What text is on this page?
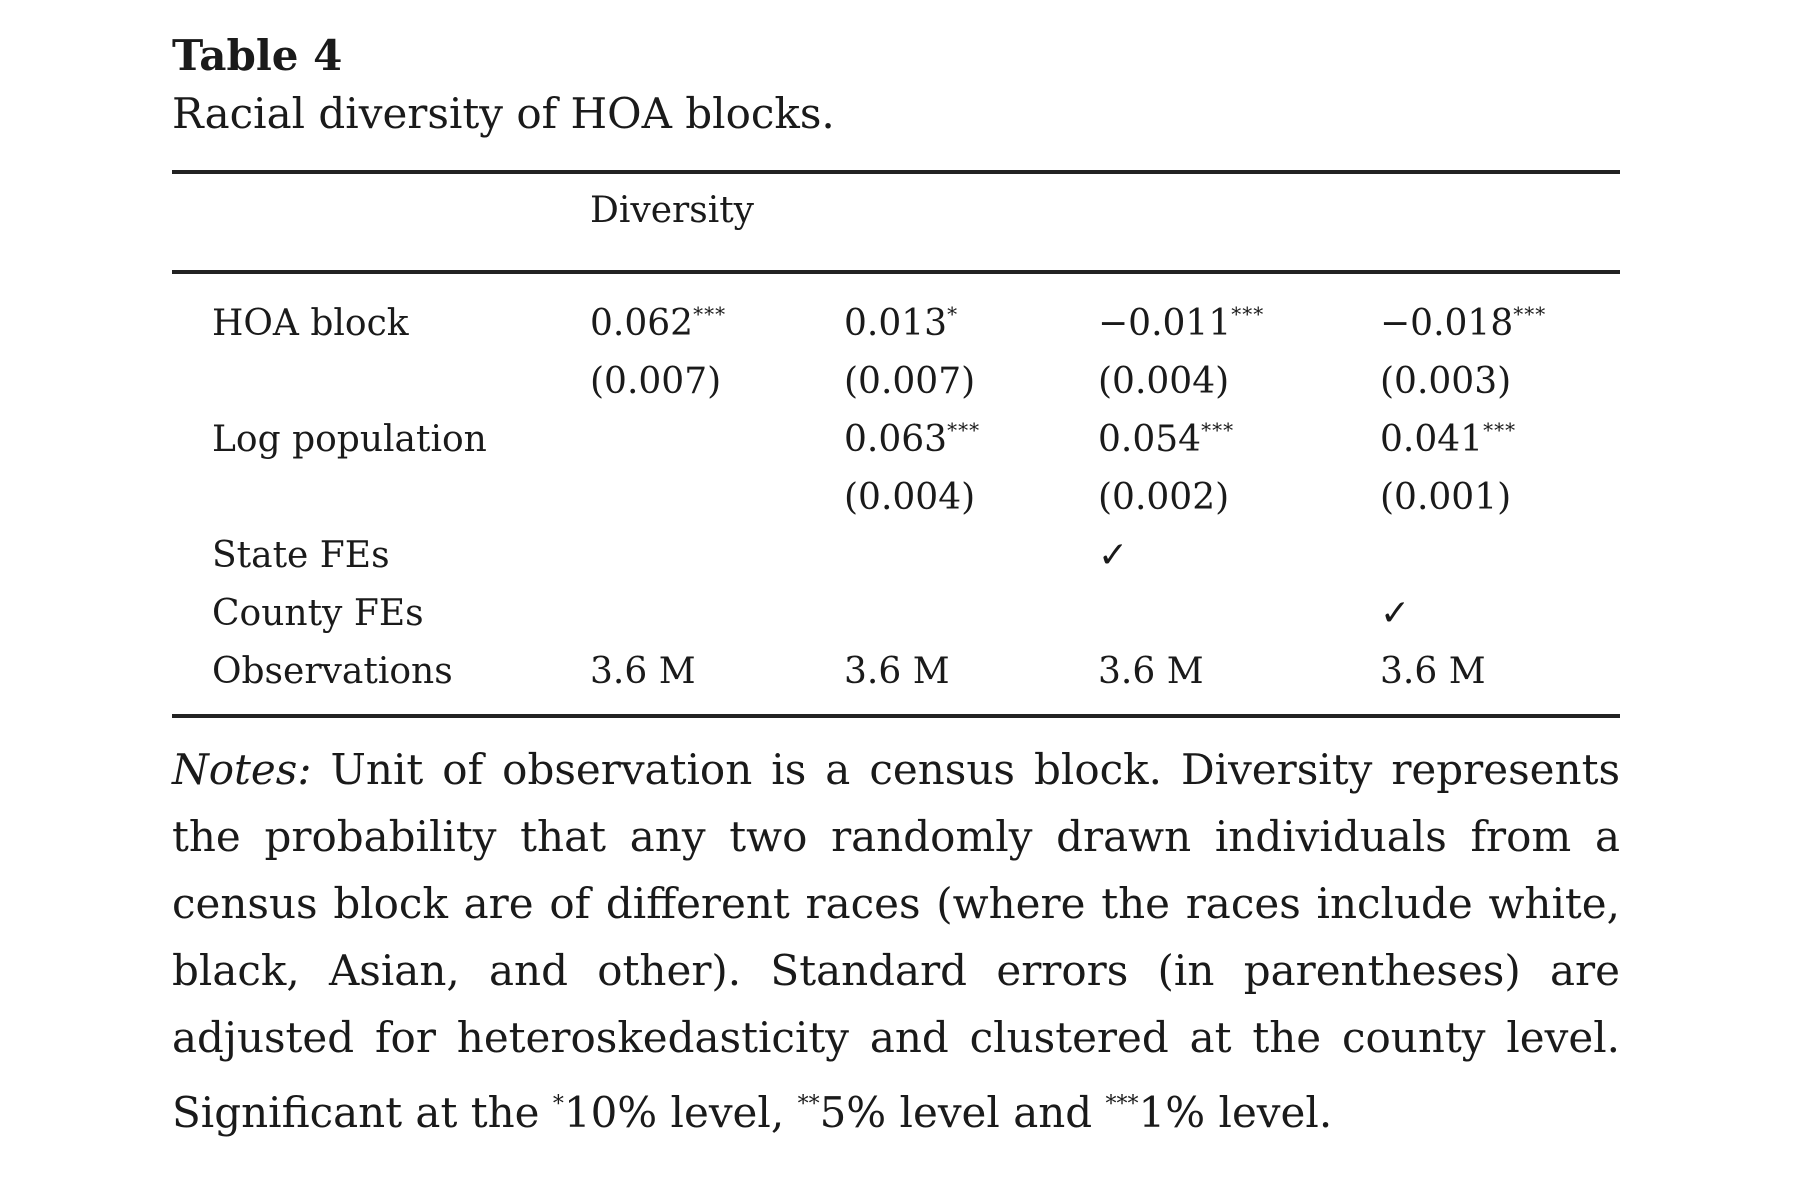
Table 4

Racial diversity of HOA blocks.

Diversity
HOA block	0.062***	0.013*	−0.011***	−0.018***
	(0.007)	(0.007)	(0.004)	(0.003)
Log population		0.063***	0.054***	0.041***
		(0.004)	(0.002)	(0.001)
State FEs			✓	
County FEs				✓
Observations	3.6 M	3.6 M	3.6 M	3.6 M
Notes: Unit of observation is a census block. Diversity represents the probability that any two randomly drawn individuals from a census block are of different races (where the races include white, black, Asian, and other). Standard errors (in parentheses) are adjusted for heteroskedasticity and clustered at the county level. Significant at the *10% level, **5% level and ***1% level.
